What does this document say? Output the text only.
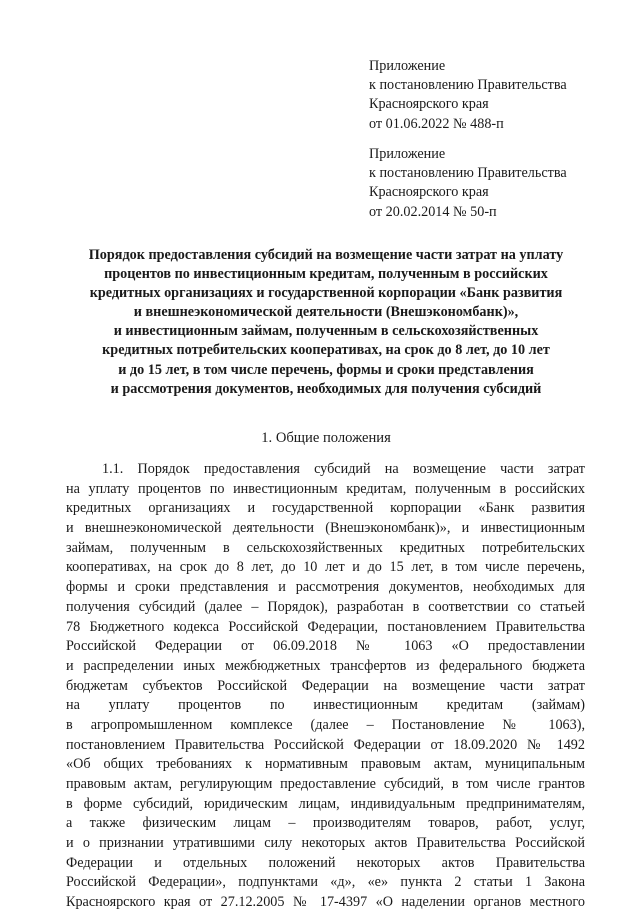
Приложение
к постановлению Правительства
Красноярского края
от 01.06.2022 № 488-п
Приложение
к постановлению Правительства
Красноярского края
от 20.02.2014 № 50-п
Порядок предоставления субсидий на возмещение части затрат на уплату
процентов по инвестиционным кредитам, полученным в российских
кредитных организациях и государственной корпорации «Банк развития
и внешнеэкономической деятельности (Внешэкономбанк)»,
и инвестиционным займам, полученным в сельскохозяйственных
кредитных потребительских кооперативах, на срок до 8 лет, до 10 лет
и до 15 лет, в том числе перечень, формы и сроки представления
и рассмотрения документов, необходимых для получения субсидий
1. Общие положения
1.1. Порядок предоставления субсидий на возмещение части затрат
на уплату процентов по инвестиционным кредитам, полученным в российских
кредитных организациях и государственной корпорации «Банк развития
и внешнеэкономической деятельности (Внешэкономбанк)», и инвестиционным
займам, полученным в сельскохозяйственных кредитных потребительских
кооперативах, на срок до 8 лет, до 10 лет и до 15 лет, в том числе перечень,
формы и сроки представления и рассмотрения документов, необходимых для
получения субсидий (далее – Порядок), разработан в соответствии со статьей
78 Бюджетного кодекса Российской Федерации, постановлением Правительства
Российской Федерации от 06.09.2018 № 1063 «О предоставлении
и распределении иных межбюджетных трансфертов из федерального бюджета
бюджетам субъектов Российской Федерации на возмещение части затрат
на уплату процентов по инвестиционным кредитам (займам)
в агропромышленном комплексе (далее – Постановление № 1063),
постановлением Правительства Российской Федерации от 18.09.2020 № 1492
«Об общих требованиях к нормативным правовым актам, муниципальным
правовым актам, регулирующим предоставление субсидий, в том числе грантов
в форме субсидий, юридическим лицам, индивидуальным предпринимателям,
а также физическим лицам – производителям товаров, работ, услуг,
и о признании утратившими силу некоторых актов Правительства Российской
Федерации и отдельных положений некоторых актов Правительства
Российской Федерации», подпунктами «д», «е» пункта 2 статьи 1 Закона
Красноярского края от 27.12.2005 № 17-4397 «О наделении органов местного
